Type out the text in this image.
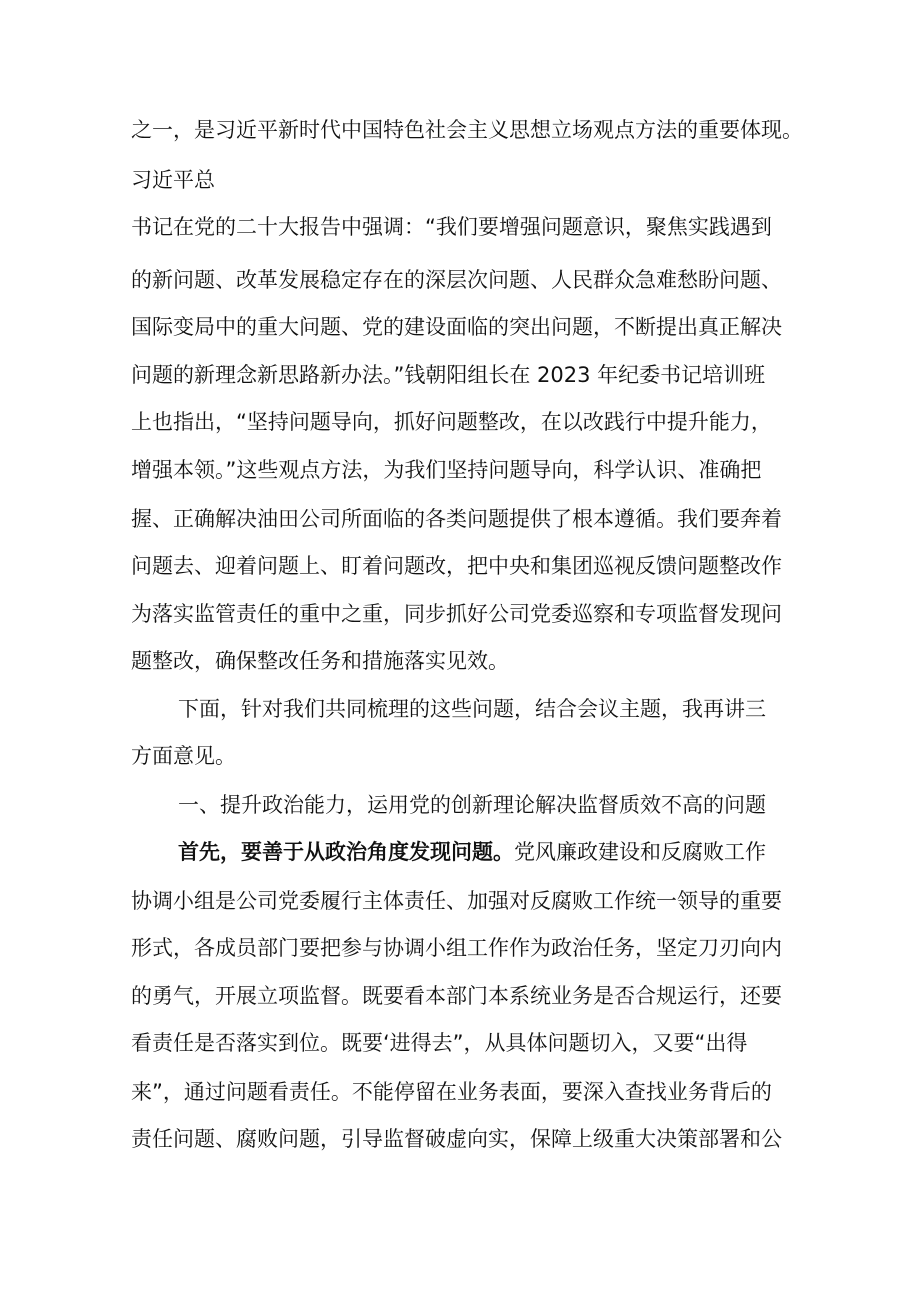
之一，是习近平新时代中国特色社会主义思想立场观点方法的重要体现。
习近平总
书记在党的二十大报告中强调：“我们要增强问题意识，聚焦实践遇到
的新问题、改革发展稳定存在的深层次问题、人民群众急难愁盼问题、
国际变局中的重大问题、党的建设面临的突出问题，不断提出真正解决
问题的新理念新思路新办法。”钱朝阳组长在 2023 年纪委书记培训班
上也指出，“坚持问题导向，抓好问题整改，在以改践行中提升能力，
增强本领。”这些观点方法，为我们坚持问题导向，科学认识、准确把
握、正确解决油田公司所面临的各类问题提供了根本遵循。我们要奔着
问题去、迎着问题上、盯着问题改，把中央和集团巡视反馈问题整改作
为落实监管责任的重中之重，同步抓好公司党委巡察和专项监督发现问
题整改，确保整改任务和措施落实见效。
下面，针对我们共同梳理的这些问题，结合会议主题，我再讲三
方面意见。
一、提升政治能力，运用党的创新理论解决监督质效不高的问题
首先，要善于从政治角度发现问题。党风廉政建设和反腐败工作
协调小组是公司党委履行主体责任、加强对反腐败工作统一领导的重要
形式，各成员部门要把参与协调小组工作作为政治任务，坚定刀刃向内
的勇气，开展立项监督。既要看本部门本系统业务是否合规运行，还要
看责任是否落实到位。既要‘进得去”，从具体问题切入，又要“出得
来”，通过问题看责任。不能停留在业务表面，要深入查找业务背后的
责任问题、腐败问题，引导监督破虚向实，保障上级重大决策部署和公
